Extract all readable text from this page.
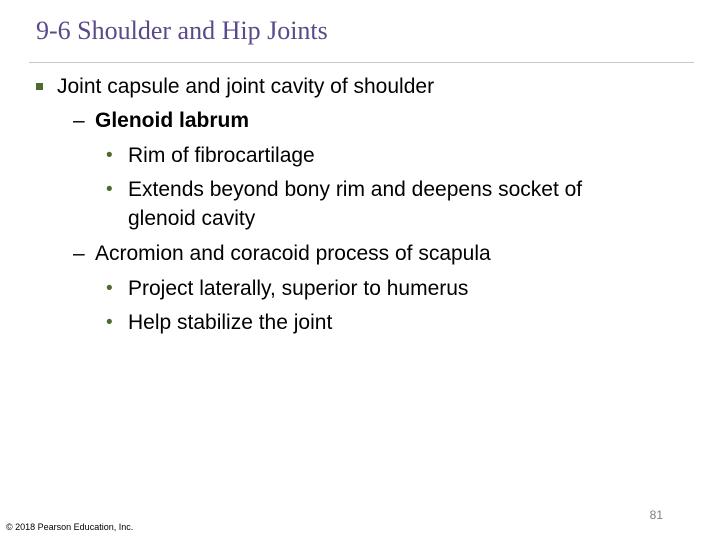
9-6 Shoulder and Hip Joints
Joint capsule and joint cavity of shoulder
– Glenoid labrum
• Rim of fibrocartilage
• Extends beyond bony rim and deepens socket of
glenoid cavity
– Acromion and coracoid process of scapula
• Project laterally, superior to humerus
• Help stabilize the joint
81
© 2018 Pearson Education, Inc.
